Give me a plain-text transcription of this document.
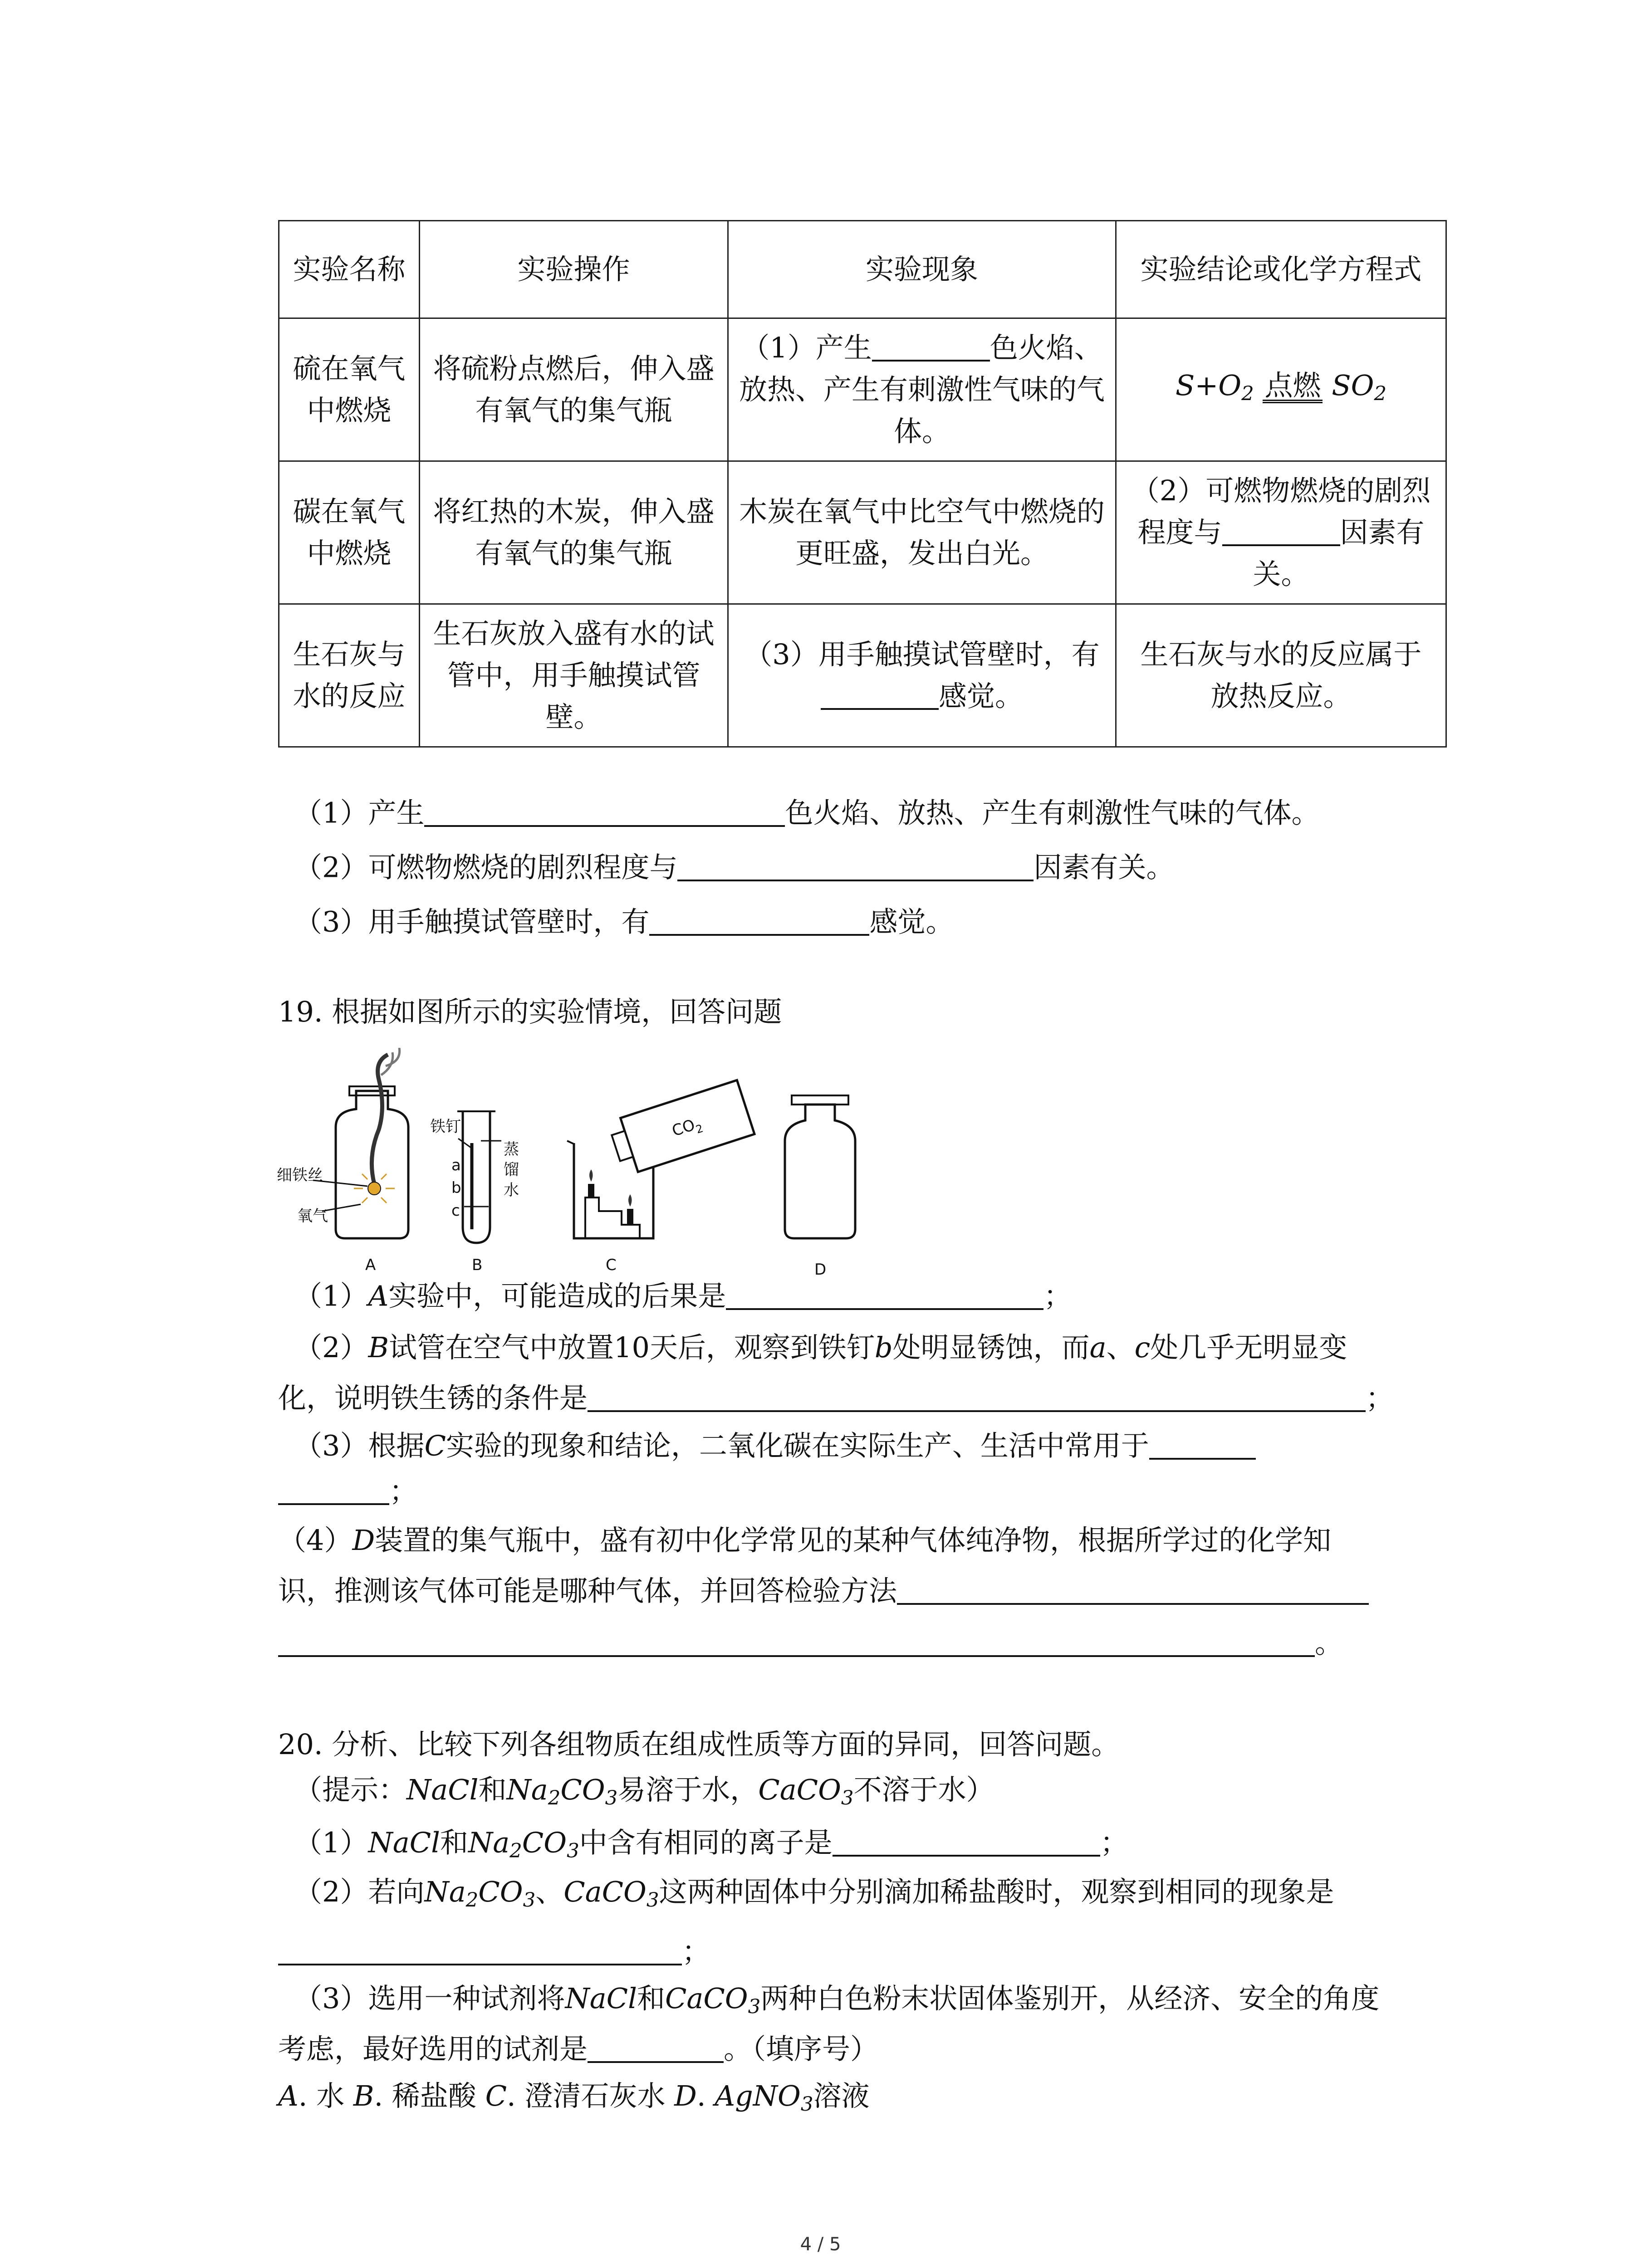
实验名称	实验操作	实验现象	实验结论或化学方程式
硫在氧气中燃烧	将硫粉点燃后，伸入盛有氧气的集气瓶	（1）产生 色火焰、放热、产生有刺激性气味的气体。	$S+O_2$ 点燃 $SO_2$
碳在氧气中燃烧	将红热的木炭，伸入盛有氧气的集气瓶	木炭在氧气中比空气中燃烧的更旺盛，发出白光。	（2）可燃物燃烧的剧烈程度与 因素有关。
生石灰与水的反应	生石灰放入盛有水的试管中，用手触摸试管壁。	（3）用手触摸试管壁时，有感觉。	生石灰与水的反应属于放热反应。
（1）产生	色火焰、放热、产生有刺激性气味的气体。
（2）可燃物燃烧的剧烈程度与	因素有关。
（3）用手触摸试管壁时，有	感觉。
19. 根据如图所示的实验情境，回答问题
细铁丝
氧气
铁钉
a
b
c
蒸
馏
水
$CO_2$
A	B	C	D
（1）A实验中，可能造成的后果是	；
（2）B试管在空气中放置10天后，观察到铁钉b处明显锈蚀，而a、c处几乎无明显变
化，说明铁生锈的条件是	；
（3）根据C实验的现象和结论，二氧化碳在实际生产、生活中常用于
；
（4）D装置的集气瓶中，盛有初中化学常见的某种气体纯净物，根据所学过的化学知
识，推测该气体可能是哪种气体，并回答检验方法
。
20. 分析、比较下列各组物质在组成性质等方面的异同，回答问题。
（提示：NaCl和$Na_2CO_3$易溶于水，CaCO$_3$不溶于水）
（1）NaCl和$Na_2CO_3$中含有相同的离子是	；
（2）若向$Na_2CO_3$、CaCO$_3$这两种固体中分别滴加稀盐酸时，观察到相同的现象是
；
（3）选用一种试剂将NaCl和CaCO$_3$两种白色粉末状固体鉴别开，从经济、安全的角度
考虑，最好选用的试剂是	。（填序号）
A. 水 B. 稀盐酸 C. 澄清石灰水 D. AgNO$_3$溶液
4 / 5
